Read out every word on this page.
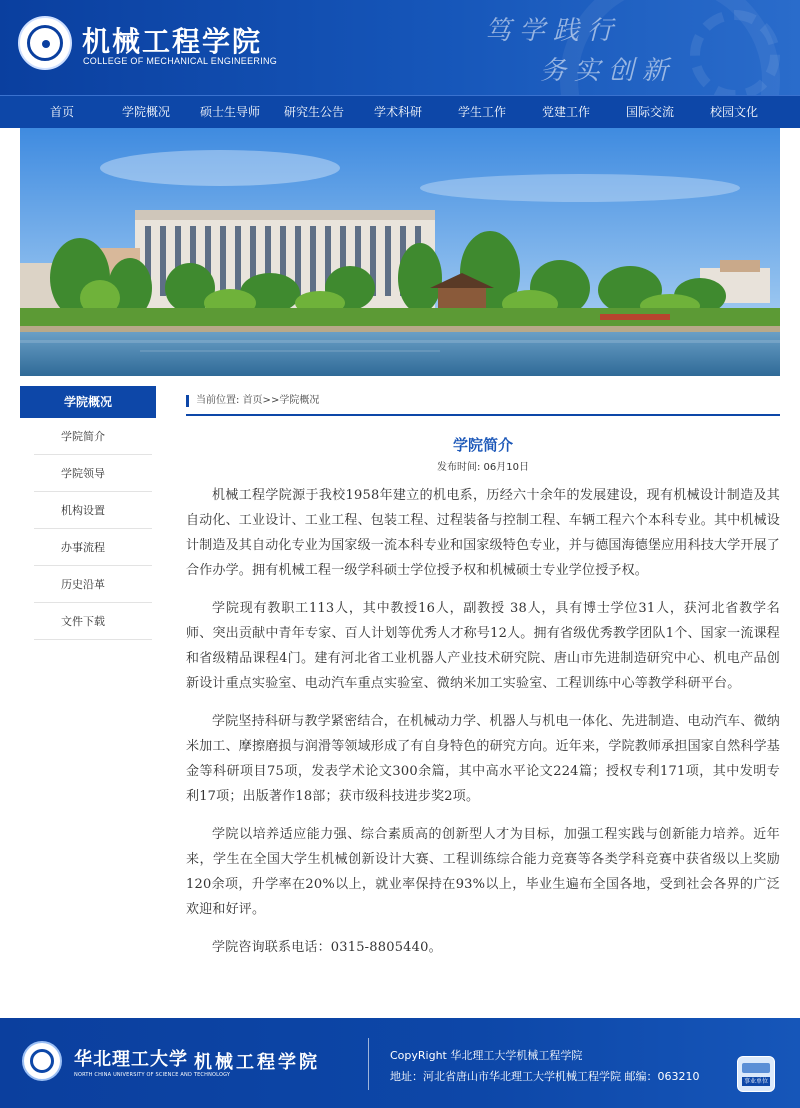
机械工程学院
COLLEGE OF MECHANICAL ENGINEERING
笃学践行
务实创新
首页	学院概况	硕士生导师	研究生公告	学术科研	学生工作	党建工作	国际交流	校园文化
学院概况
学院简介
学院领导
机构设置
办事流程
历史沿革
文件下载
当前位置: 首页>>学院概况
学院简介
发布时间: 06月10日

机械工程学院源于我校1958年建立的机电系，历经六十余年的发展建设，现有机械设计制造及其自动化、工业设计、工业工程、包装工程、过程装备与控制工程、车辆工程六个本科专业。其中机械设计制造及其自动化专业为国家级一流本科专业和国家级特色专业，并与德国海德堡应用科技大学开展了合作办学。拥有机械工程一级学科硕士学位授予权和机械硕士专业学位授予权。

学院现有教职工113人，其中教授16人，副教授 38人，具有博士学位31人，获河北省教学名师、突出贡献中青年专家、百人计划等优秀人才称号12人。拥有省级优秀教学团队1个、国家一流课程和省级精品课程4门。建有河北省工业机器人产业技术研究院、唐山市先进制造研究中心、机电产品创新设计重点实验室、电动汽车重点实验室、微纳米加工实验室、工程训练中心等教学科研平台。

学院坚持科研与教学紧密结合，在机械动力学、机器人与机电一体化、先进制造、电动汽车、微纳米加工、摩擦磨损与润滑等领域形成了有自身特色的研究方向。近年来，学院教师承担国家自然科学基金等科研项目75项，发表学术论文300余篇，其中高水平论文224篇；授权专利171项，其中发明专利17项；出版著作18部；获市级科技进步奖2项。

学院以培养适应能力强、综合素质高的创新型人才为目标，加强工程实践与创新能力培养。近年来，学生在全国大学生机械创新设计大赛、工程训练综合能力竞赛等各类学科竞赛中获省级以上奖励120余项，升学率在20%以上，就业率保持在93%以上，毕业生遍布全国各地，受到社会各界的广泛欢迎和好评。

学院咨询联系电话：0315-8805440。

华北理工大学
NORTH CHINA UNIVERSITY OF SCIENCE AND TECHNOLOGY
机械工程学院	CopyRight 华北理工大学机械工程学院
地址：河北省唐山市华北理工大学机械工程学院 邮编：063210	事业单位
